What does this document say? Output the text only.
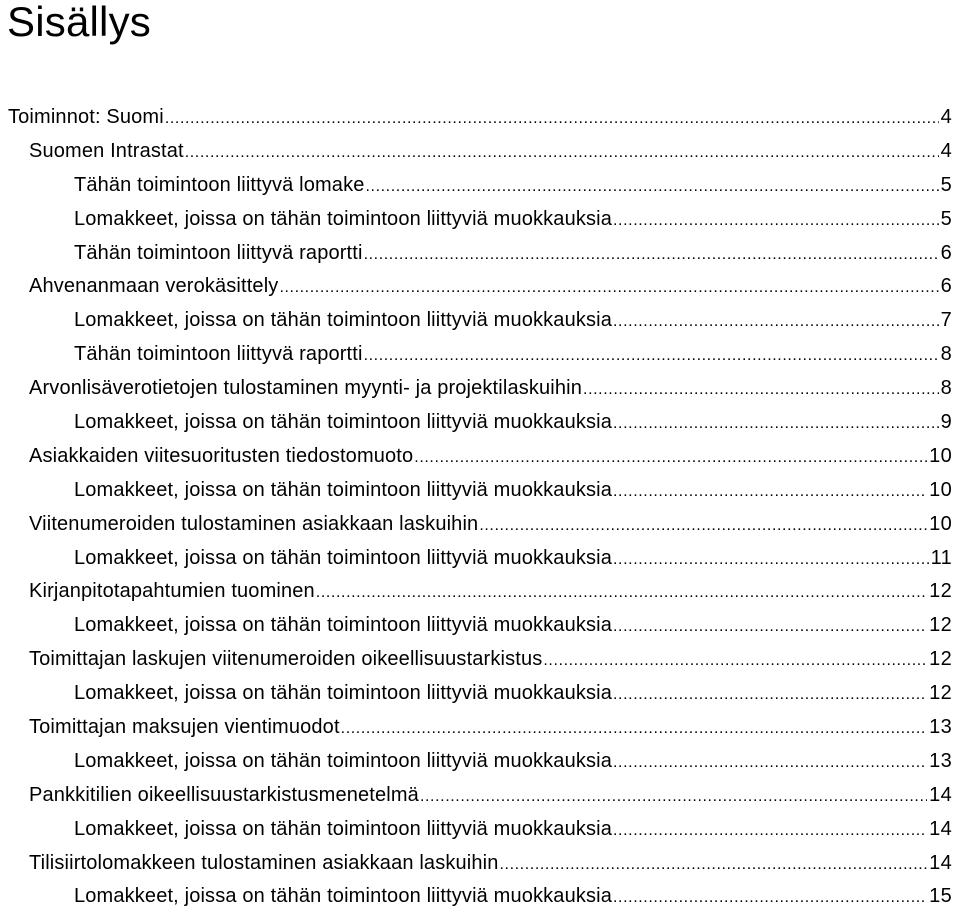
Sisällys
Toiminnot: Suomi .....	4
Suomen Intrastat .....	4
Tähän toimintoon liittyvä lomake .....	5
Lomakkeet, joissa on tähän toimintoon liittyviä muokkauksia .....	5
Tähän toimintoon liittyvä raportti .....	6
Ahvenanmaan verokäsittely .....	6
Lomakkeet, joissa on tähän toimintoon liittyviä muokkauksia .....	7
Tähän toimintoon liittyvä raportti .....	8
Arvonlisäverotietojen tulostaminen myynti- ja projektilaskuihin .....	8
Lomakkeet, joissa on tähän toimintoon liittyviä muokkauksia .....	9
Asiakkaiden viitesuoritusten tiedostomuoto .....	10
Lomakkeet, joissa on tähän toimintoon liittyviä muokkauksia .....	10
Viitenumeroiden tulostaminen asiakkaan laskuihin .....	10
Lomakkeet, joissa on tähän toimintoon liittyviä muokkauksia .....	11
Kirjanpitotapahtumien tuominen .....	12
Lomakkeet, joissa on tähän toimintoon liittyviä muokkauksia .....	12
Toimittajan laskujen viitenumeroiden oikeellisuustarkistus .....	12
Lomakkeet, joissa on tähän toimintoon liittyviä muokkauksia .....	12
Toimittajan maksujen vientimuodot .....	13
Lomakkeet, joissa on tähän toimintoon liittyviä muokkauksia .....	13
Pankkitilien oikeellisuustarkistusmenetelmä .....	14
Lomakkeet, joissa on tähän toimintoon liittyviä muokkauksia .....	14
Tilisiirtolomakkeen tulostaminen asiakkaan laskuihin .....	14
Lomakkeet, joissa on tähän toimintoon liittyviä muokkauksia .....	15
